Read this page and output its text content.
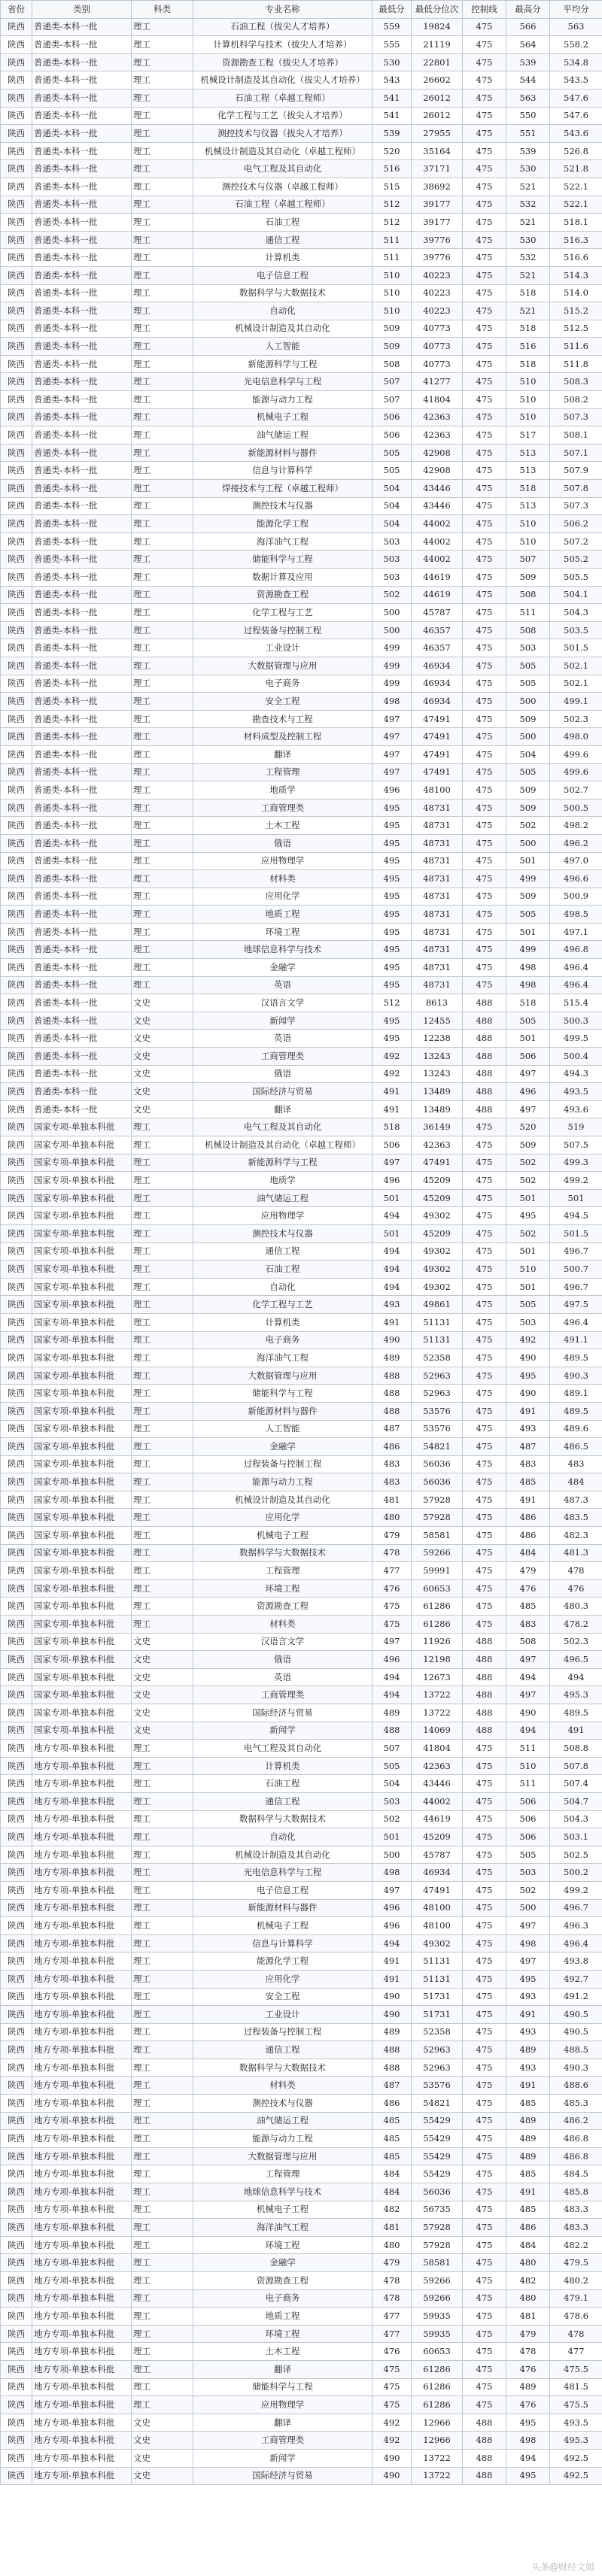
省份	类别	科类	专业名称	最低分	最低分位次	控制线	最高分	平均分
陕西	普通类-本科一批	理工	石油工程（拔尖人才培养）	559	19824	475	566	563
陕西	普通类-本科一批	理工	计算机科学与技术（拔尖人才培养）	555	21119	475	564	558.2
陕西	普通类-本科一批	理工	资源勘查工程（拔尖人才培养）	530	22801	475	539	534.8
陕西	普通类-本科一批	理工	机械设计制造及其自动化（拔尖人才培养）	543	26602	475	544	543.5
陕西	普通类-本科一批	理工	石油工程（卓越工程师）	541	26012	475	563	547.6
陕西	普通类-本科一批	理工	化学工程与工艺（拔尖人才培养）	541	26012	475	550	547.6
陕西	普通类-本科一批	理工	测控技术与仪器（拔尖人才培养）	539	27955	475	551	543.6
陕西	普通类-本科一批	理工	机械设计制造及其自动化（卓越工程师）	520	35164	475	539	526.8
陕西	普通类-本科一批	理工	电气工程及其自动化	516	37171	475	530	521.8
陕西	普通类-本科一批	理工	测控技术与仪器（卓越工程师）	515	38692	475	521	522.1
陕西	普通类-本科一批	理工	石油工程（卓越工程师）	512	39177	475	532	522.1
陕西	普通类-本科一批	理工	石油工程	512	39177	475	521	518.1
陕西	普通类-本科一批	理工	通信工程	511	39776	475	530	516.3
陕西	普通类-本科一批	理工	计算机类	511	39776	475	532	516.6
陕西	普通类-本科一批	理工	电子信息工程	510	40223	475	521	514.3
陕西	普通类-本科一批	理工	数据科学与大数据技术	510	40223	475	518	514.0
陕西	普通类-本科一批	理工	自动化	510	40223	475	521	515.2
陕西	普通类-本科一批	理工	机械设计制造及其自动化	509	40773	475	518	512.5
陕西	普通类-本科一批	理工	人工智能	509	40773	475	516	511.6
陕西	普通类-本科一批	理工	新能源科学与工程	508	40773	475	518	511.8
陕西	普通类-本科一批	理工	光电信息科学与工程	507	41277	475	510	508.3
陕西	普通类-本科一批	理工	能源与动力工程	507	41804	475	510	508.2
陕西	普通类-本科一批	理工	机械电子工程	506	42363	475	510	507.3
陕西	普通类-本科一批	理工	油气储运工程	506	42363	475	517	508.1
陕西	普通类-本科一批	理工	新能源材料与器件	505	42908	475	513	507.1
陕西	普通类-本科一批	理工	信息与计算科学	505	42908	475	513	507.9
陕西	普通类-本科一批	理工	焊接技术与工程（卓越工程师）	504	43446	475	518	507.8
陕西	普通类-本科一批	理工	测控技术与仪器	504	43446	475	513	507.3
陕西	普通类-本科一批	理工	能源化学工程	504	44002	475	510	506.2
陕西	普通类-本科一批	理工	海洋油气工程	503	44002	475	510	507.2
陕西	普通类-本科一批	理工	储能科学与工程	503	44002	475	507	505.2
陕西	普通类-本科一批	理工	数据计算及应用	503	44619	475	509	505.5
陕西	普通类-本科一批	理工	资源勘查工程	502	44619	475	508	504.1
陕西	普通类-本科一批	理工	化学工程与工艺	500	45787	475	511	504.3
陕西	普通类-本科一批	理工	过程装备与控制工程	500	46357	475	508	503.5
陕西	普通类-本科一批	理工	工业设计	499	46357	475	503	501.5
陕西	普通类-本科一批	理工	大数据管理与应用	499	46934	475	505	502.1
陕西	普通类-本科一批	理工	电子商务	499	46934	475	505	502.1
陕西	普通类-本科一批	理工	安全工程	498	46934	475	500	499.1
陕西	普通类-本科一批	理工	勘查技术与工程	497	47491	475	509	502.3
陕西	普通类-本科一批	理工	材料成型及控制工程	497	47491	475	500	498.0
陕西	普通类-本科一批	理工	翻译	497	47491	475	504	499.6
陕西	普通类-本科一批	理工	工程管理	497	47491	475	505	499.6
陕西	普通类-本科一批	理工	地质学	496	48100	475	509	502.7
陕西	普通类-本科一批	理工	工商管理类	495	48731	475	509	500.5
陕西	普通类-本科一批	理工	土木工程	495	48731	475	502	498.2
陕西	普通类-本科一批	理工	俄语	495	48731	475	500	496.2
陕西	普通类-本科一批	理工	应用物理学	495	48731	475	501	497.0
陕西	普通类-本科一批	理工	材料类	495	48731	475	499	496.6
陕西	普通类-本科一批	理工	应用化学	495	48731	475	509	500.9
陕西	普通类-本科一批	理工	地质工程	495	48731	475	505	498.5
陕西	普通类-本科一批	理工	环境工程	495	48731	475	501	497.1
陕西	普通类-本科一批	理工	地球信息科学与技术	495	48731	475	499	496.8
陕西	普通类-本科一批	理工	金融学	495	48731	475	498	496.4
陕西	普通类-本科一批	理工	英语	495	48731	475	498	496.4
陕西	普通类-本科一批	文史	汉语言文学	512	8613	488	518	515.4
陕西	普通类-本科一批	文史	新闻学	495	12455	488	505	500.3
陕西	普通类-本科一批	文史	英语	495	12238	488	501	499.5
陕西	普通类-本科一批	文史	工商管理类	492	13243	488	506	500.4
陕西	普通类-本科一批	文史	俄语	492	13243	488	497	494.3
陕西	普通类-本科一批	文史	国际经济与贸易	491	13489	488	496	493.5
陕西	普通类-本科一批	文史	翻译	491	13489	488	497	493.6
陕西	国家专项-单独本科批	理工	电气工程及其自动化	518	36149	475	520	519
陕西	国家专项-单独本科批	理工	机械设计制造及其自动化（卓越工程师）	506	42363	475	509	507.5
陕西	国家专项-单独本科批	理工	新能源科学与工程	497	47491	475	502	499.3
陕西	国家专项-单独本科批	理工	地质学	496	45209	475	502	499.2
陕西	国家专项-单独本科批	理工	油气储运工程	501	45209	475	501	501
陕西	国家专项-单独本科批	理工	应用物理学	494	49302	475	495	494.5
陕西	国家专项-单独本科批	理工	测控技术与仪器	501	45209	475	502	501.5
陕西	国家专项-单独本科批	理工	通信工程	494	49302	475	501	496.7
陕西	国家专项-单独本科批	理工	石油工程	494	49302	475	510	500.7
陕西	国家专项-单独本科批	理工	自动化	494	49302	475	501	496.7
陕西	国家专项-单独本科批	理工	化学工程与工艺	493	49861	475	505	497.5
陕西	国家专项-单独本科批	理工	计算机类	491	51131	475	503	496.4
陕西	国家专项-单独本科批	理工	电子商务	490	51131	475	492	491.1
陕西	国家专项-单独本科批	理工	海洋油气工程	489	52358	475	490	489.5
陕西	国家专项-单独本科批	理工	大数据管理与应用	488	52963	475	495	490.3
陕西	国家专项-单独本科批	理工	储能科学与工程	488	52963	475	490	489.1
陕西	国家专项-单独本科批	理工	新能源材料与器件	488	53576	475	491	489.5
陕西	国家专项-单独本科批	理工	人工智能	487	53576	475	493	489.6
陕西	国家专项-单独本科批	理工	金融学	486	54821	475	487	486.5
陕西	国家专项-单独本科批	理工	过程装备与控制工程	483	56036	475	483	483
陕西	国家专项-单独本科批	理工	能源与动力工程	483	56036	475	485	484
陕西	国家专项-单独本科批	理工	机械设计制造及其自动化	481	57928	475	491	487.3
陕西	国家专项-单独本科批	理工	应用化学	480	57928	475	486	483.5
陕西	国家专项-单独本科批	理工	机械电子工程	479	58581	475	486	482.3
陕西	国家专项-单独本科批	理工	数据科学与大数据技术	478	59266	475	484	481.3
陕西	国家专项-单独本科批	理工	工程管理	477	59991	475	479	478
陕西	国家专项-单独本科批	理工	环境工程	476	60653	475	476	476
陕西	国家专项-单独本科批	理工	资源勘查工程	475	61286	475	485	480.3
陕西	国家专项-单独本科批	理工	材料类	475	61286	475	483	478.2
陕西	国家专项-单独本科批	文史	汉语言文学	497	11926	488	508	502.3
陕西	国家专项-单独本科批	文史	俄语	496	12198	488	497	496.5
陕西	国家专项-单独本科批	文史	英语	494	12673	488	494	494
陕西	国家专项-单独本科批	文史	工商管理类	494	13722	488	497	495.3
陕西	国家专项-单独本科批	文史	国际经济与贸易	489	13722	488	490	489.5
陕西	国家专项-单独本科批	文史	新闻学	488	14069	488	494	491
陕西	地方专项-单独本科批	理工	电气工程及其自动化	507	41804	475	511	508.8
陕西	地方专项-单独本科批	理工	计算机类	505	42363	475	510	507.8
陕西	地方专项-单独本科批	理工	石油工程	504	43446	475	511	507.4
陕西	地方专项-单独本科批	理工	通信工程	503	44002	475	506	504.7
陕西	地方专项-单独本科批	理工	数据科学与大数据技术	502	44619	475	506	504.3
陕西	地方专项-单独本科批	理工	自动化	501	45209	475	506	503.1
陕西	地方专项-单独本科批	理工	机械设计制造及其自动化	500	45787	475	505	502.5
陕西	地方专项-单独本科批	理工	光电信息科学与工程	498	46934	475	503	500.2
陕西	地方专项-单独本科批	理工	电子信息工程	497	47491	475	502	499.2
陕西	地方专项-单独本科批	理工	新能源材料与器件	496	48100	475	500	496.7
陕西	地方专项-单独本科批	理工	机械电子工程	496	48100	475	497	496.3
陕西	地方专项-单独本科批	理工	信息与计算科学	494	49302	475	498	496.4
陕西	地方专项-单独本科批	理工	能源化学工程	491	51131	475	497	493.8
陕西	地方专项-单独本科批	理工	应用化学	491	51131	475	495	492.7
陕西	地方专项-单独本科批	理工	安全工程	490	51731	475	493	491.2
陕西	地方专项-单独本科批	理工	工业设计	490	51731	475	491	490.5
陕西	地方专项-单独本科批	理工	过程装备与控制工程	489	52358	475	493	490.5
陕西	地方专项-单独本科批	理工	通信工程	488	52963	475	489	488.5
陕西	地方专项-单独本科批	理工	数据科学与大数据技术	488	52963	475	493	490.3
陕西	地方专项-单独本科批	理工	材料类	487	53576	475	491	488.6
陕西	地方专项-单独本科批	理工	测控技术与仪器	486	54821	475	485	485.3
陕西	地方专项-单独本科批	理工	油气储运工程	485	55429	475	489	486.2
陕西	地方专项-单独本科批	理工	能源与动力工程	485	55429	475	489	486.8
陕西	地方专项-单独本科批	理工	大数据管理与应用	485	55429	475	489	486.8
陕西	地方专项-单独本科批	理工	工程管理	484	55429	475	485	484.5
陕西	地方专项-单独本科批	理工	地球信息科学与技术	484	56036	475	491	485.8
陕西	地方专项-单独本科批	理工	机械电子工程	482	56735	475	485	483.3
陕西	地方专项-单独本科批	理工	海洋油气工程	481	57928	475	486	483.3
陕西	地方专项-单独本科批	理工	环境工程	480	57928	475	484	482.2
陕西	地方专项-单独本科批	理工	金融学	479	58581	475	480	479.5
陕西	地方专项-单独本科批	理工	资源勘查工程	478	59266	475	482	480.2
陕西	地方专项-单独本科批	理工	电子商务	478	59266	475	480	479.1
陕西	地方专项-单独本科批	理工	地质工程	477	59935	475	481	478.6
陕西	地方专项-单独本科批	理工	环境工程	477	59935	475	479	478
陕西	地方专项-单独本科批	理工	土木工程	476	60653	475	478	477
陕西	地方专项-单独本科批	理工	翻译	475	61286	475	476	475.5
陕西	地方专项-单独本科批	理工	储能科学与工程	475	61286	475	489	481.5
陕西	地方专项-单独本科批	理工	应用物理学	475	61286	475	476	475.5
陕西	地方专项-单独本科批	文史	翻译	492	12966	488	495	493.5
陕西	地方专项-单独本科批	文史	工商管理类	492	12966	488	498	495.3
陕西	地方专项-单独本科批	文史	新闻学	490	13722	488	494	492.5
陕西	地方专项-单独本科批	文史	国际经济与贸易	490	13722	488	495	492.5
头条@财经文姐
